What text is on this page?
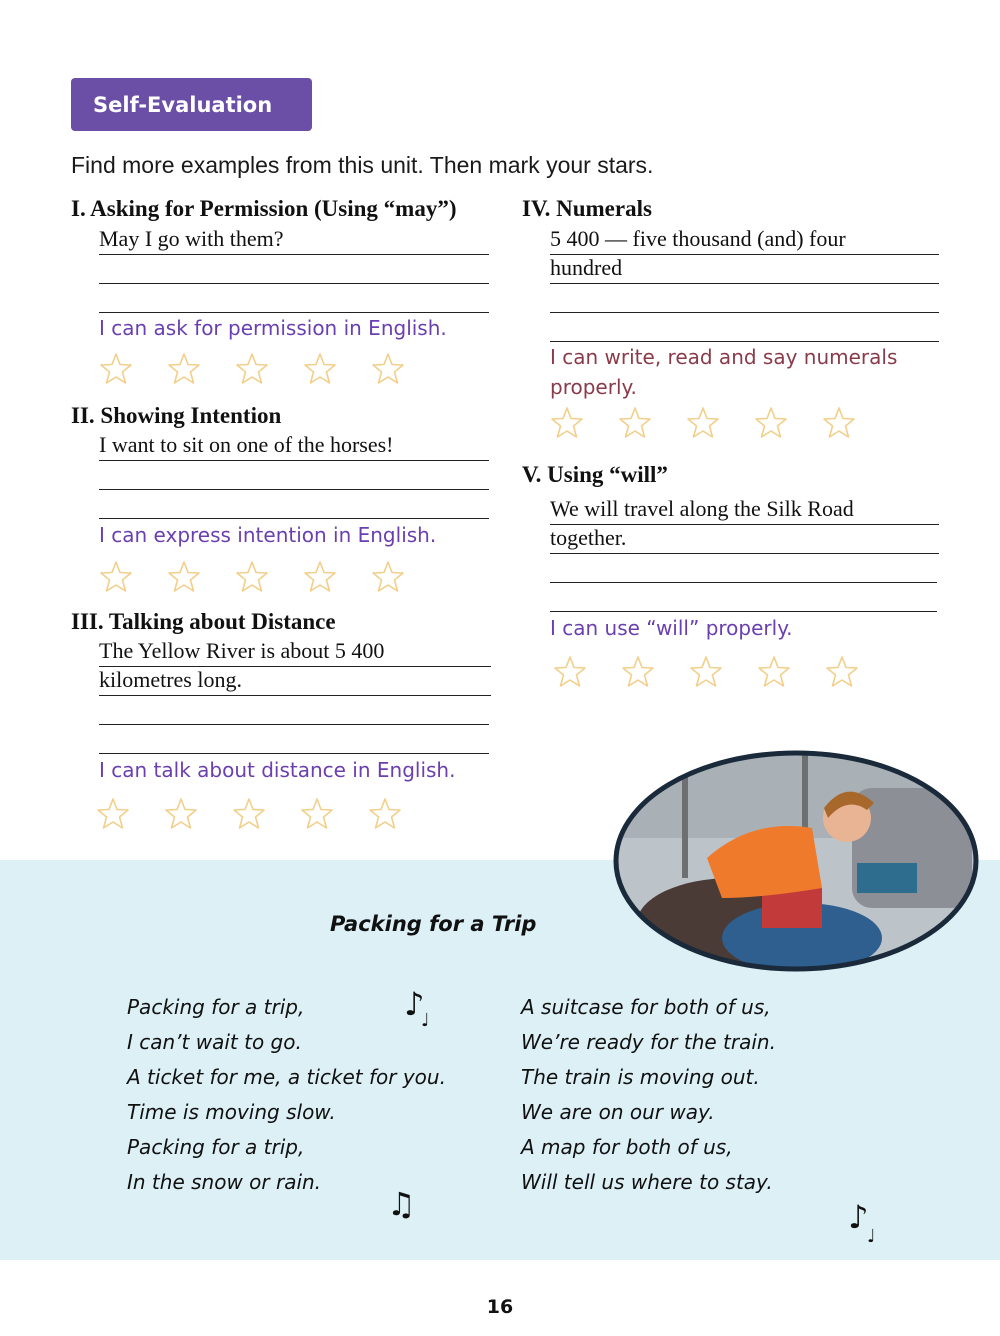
Self-Evaluation
Find more examples from this unit. Then mark your stars.
I. Asking for Permission (Using “may”)
May I go with them?
I can ask for permission in English.
II. Showing Intention
I want to sit on one of the horses!
I can express intention in English.
III. Talking about Distance
The Yellow River is about 5 400
kilometres long.
I can talk about distance in English.
IV. Numerals
5 400 — five thousand (and) four
hundred
I can write, read and say numerals
properly.
V. Using “will”
We will travel along the Silk Road
together.
I can use “will” properly.
Packing for a Trip
Packing for a trip,
I can’t wait to go.
A ticket for me, a ticket for you.
Time is moving slow.
Packing for a trip,
In the snow or rain.
A suitcase for both of us,
We’re ready for the train.
The train is moving out.
We are on our way.
A map for both of us,
Will tell us where to stay.
♪
♩
♫	♪
♩
16
